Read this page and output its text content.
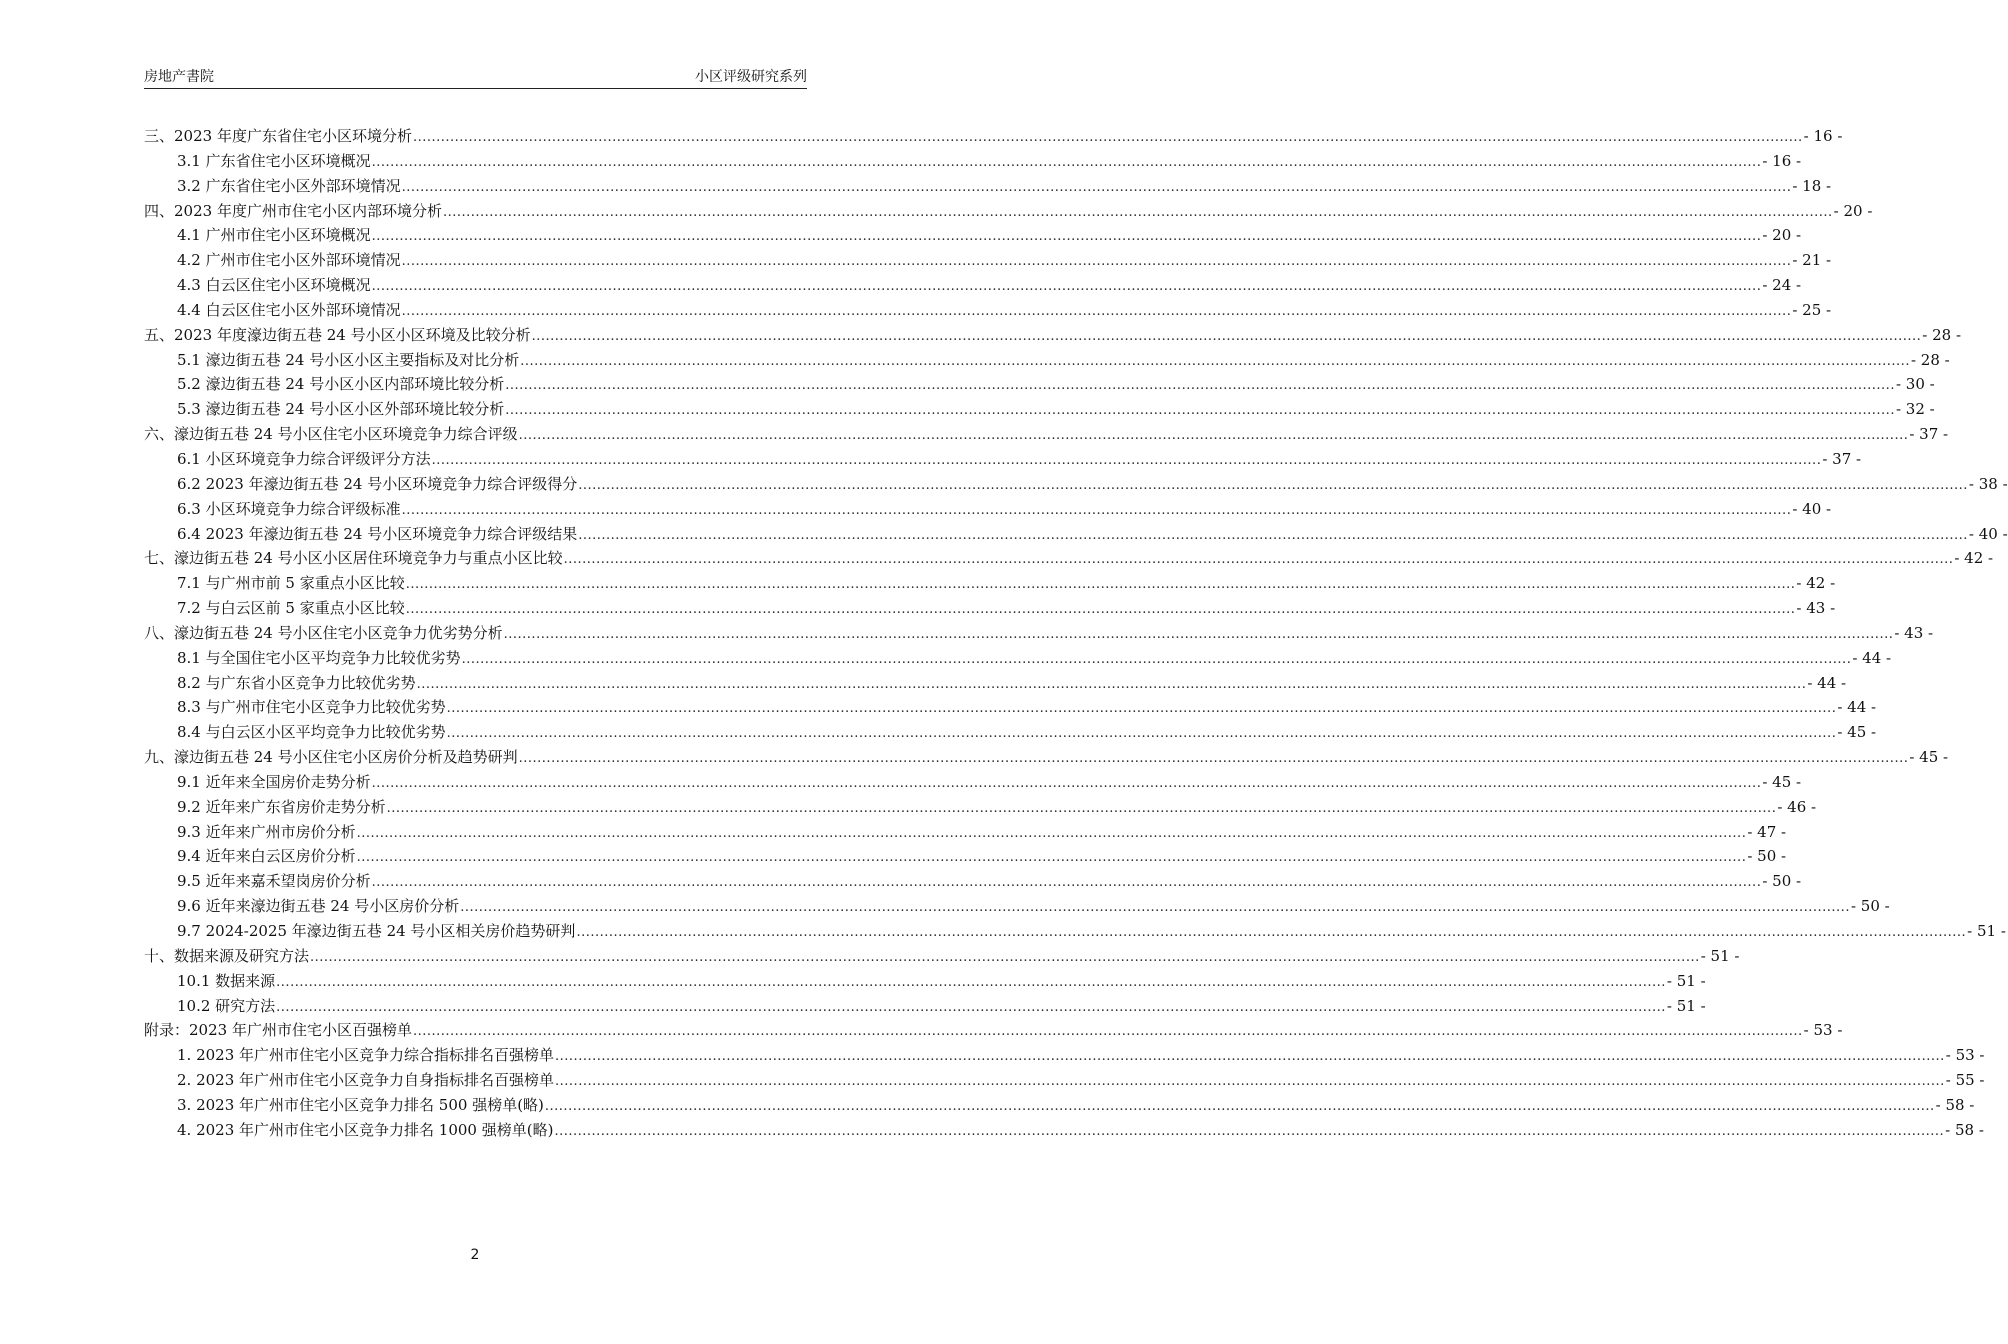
房地产書院	小区评级研究系列
三、2023 年度广东省住宅小区环境分析 ............................................................................................................................................................................................................................................................................................................ - 16 -
3.1 广东省住宅小区环境概况 ............................................................................................................................................................................................................................................................................................................ - 16 -
3.2 广东省住宅小区外部环境情况 ............................................................................................................................................................................................................................................................................................................ - 18 -
四、2023 年度广州市住宅小区内部环境分析 ............................................................................................................................................................................................................................................................................................................ - 20 -
4.1 广州市住宅小区环境概况 ............................................................................................................................................................................................................................................................................................................ - 20 -
4.2 广州市住宅小区外部环境情况 ............................................................................................................................................................................................................................................................................................................ - 21 -
4.3 白云区住宅小区环境概况 ............................................................................................................................................................................................................................................................................................................ - 24 -
4.4 白云区住宅小区外部环境情况 ............................................................................................................................................................................................................................................................................................................ - 25 -
五、2023 年度濠边街五巷 24 号小区小区环境及比较分析 ............................................................................................................................................................................................................................................................................................................ - 28 -
5.1 濠边街五巷 24 号小区小区主要指标及对比分析 ............................................................................................................................................................................................................................................................................................................ - 28 -
5.2 濠边街五巷 24 号小区小区内部环境比较分析 ............................................................................................................................................................................................................................................................................................................ - 30 -
5.3 濠边街五巷 24 号小区小区外部环境比较分析 ............................................................................................................................................................................................................................................................................................................ - 32 -
六、濠边街五巷 24 号小区住宅小区环境竞争力综合评级 ............................................................................................................................................................................................................................................................................................................ - 37 -
6.1 小区环境竞争力综合评级评分方法 ............................................................................................................................................................................................................................................................................................................ - 37 -
6.2 2023 年濠边街五巷 24 号小区环境竞争力综合评级得分 ............................................................................................................................................................................................................................................................................................................ - 38 -
6.3 小区环境竞争力综合评级标准 ............................................................................................................................................................................................................................................................................................................ - 40 -
6.4 2023 年濠边街五巷 24 号小区环境竞争力综合评级结果 ............................................................................................................................................................................................................................................................................................................ - 40 -
七、濠边街五巷 24 号小区小区居住环境竞争力与重点小区比较 ............................................................................................................................................................................................................................................................................................................ - 42 -
7.1 与广州市前 5 家重点小区比较 ............................................................................................................................................................................................................................................................................................................ - 42 -
7.2 与白云区前 5 家重点小区比较 ............................................................................................................................................................................................................................................................................................................ - 43 -
八、濠边街五巷 24 号小区住宅小区竞争力优劣势分析 ............................................................................................................................................................................................................................................................................................................ - 43 -
8.1 与全国住宅小区平均竞争力比较优劣势 ............................................................................................................................................................................................................................................................................................................ - 44 -
8.2 与广东省小区竞争力比较优劣势 ............................................................................................................................................................................................................................................................................................................ - 44 -
8.3 与广州市住宅小区竞争力比较优劣势 ............................................................................................................................................................................................................................................................................................................ - 44 -
8.4 与白云区小区平均竞争力比较优劣势 ............................................................................................................................................................................................................................................................................................................ - 45 -
九、濠边街五巷 24 号小区住宅小区房价分析及趋势研判 ............................................................................................................................................................................................................................................................................................................ - 45 -
9.1 近年来全国房价走势分析 ............................................................................................................................................................................................................................................................................................................ - 45 -
9.2 近年来广东省房价走势分析 ............................................................................................................................................................................................................................................................................................................ - 46 -
9.3 近年来广州市房价分析 ............................................................................................................................................................................................................................................................................................................ - 47 -
9.4 近年来白云区房价分析 ............................................................................................................................................................................................................................................................................................................ - 50 -
9.5 近年来嘉禾望岗房价分析 ............................................................................................................................................................................................................................................................................................................ - 50 -
9.6 近年来濠边街五巷 24 号小区房价分析 ............................................................................................................................................................................................................................................................................................................ - 50 -
9.7 2024-2025 年濠边街五巷 24 号小区相关房价趋势研判 ............................................................................................................................................................................................................................................................................................................ - 51 -
十、数据来源及研究方法 ............................................................................................................................................................................................................................................................................................................ - 51 -
10.1 数据来源 ............................................................................................................................................................................................................................................................................................................ - 51 -
10.2 研究方法 ............................................................................................................................................................................................................................................................................................................ - 51 -
附录：2023 年广州市住宅小区百强榜单 ............................................................................................................................................................................................................................................................................................................ - 53 -
1. 2023 年广州市住宅小区竞争力综合指标排名百强榜单 ............................................................................................................................................................................................................................................................................................................ - 53 -
2. 2023 年广州市住宅小区竞争力自身指标排名百强榜单 ............................................................................................................................................................................................................................................................................................................ - 55 -
3. 2023 年广州市住宅小区竞争力排名 500 强榜单(略) ............................................................................................................................................................................................................................................................................................................ - 58 -
4. 2023 年广州市住宅小区竞争力排名 1000 强榜单(略) ............................................................................................................................................................................................................................................................................................................ - 58 -
2
